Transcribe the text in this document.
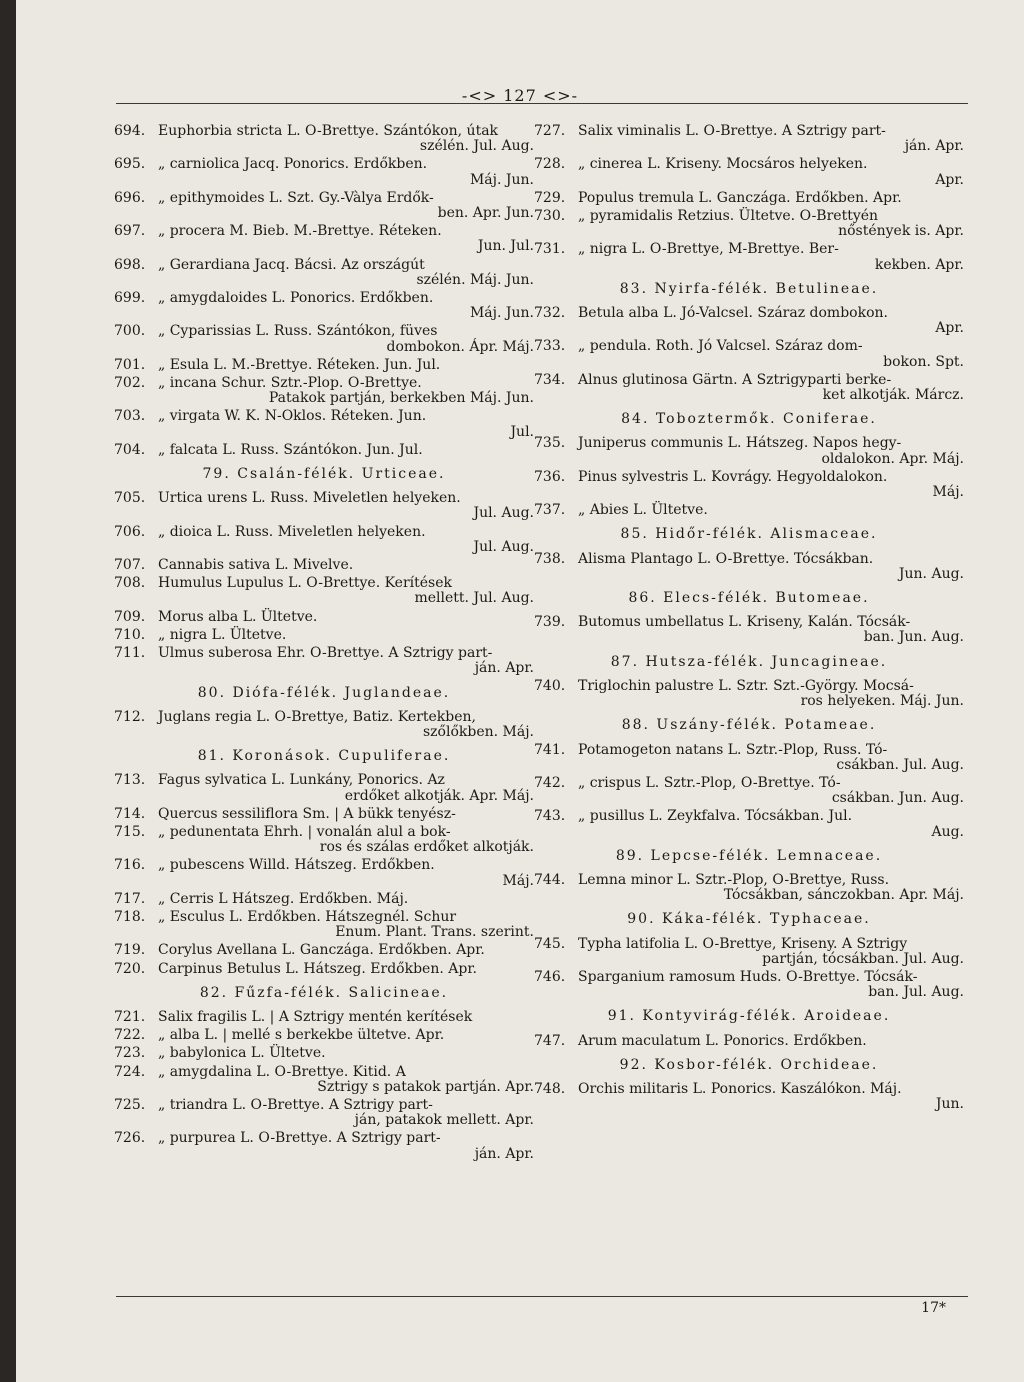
-<> 127 <>-
694. Euphorbia stricta L. O-Brettye. Szántókon, útak
szélén. Jul. Aug.
695. „ carniolica Jacq. Ponorics. Erdőkben.
Máj. Jun.
696. „ epithymoides L. Szt. Gy.-Vàlya Erdők-
ben. Apr. Jun.
697. „ procera M. Bieb. M.-Brettye. Réteken.
Jun. Jul.
698. „ Gerardiana Jacq. Bácsi. Az országút
szélén. Máj. Jun.
699. „ amygdaloides L. Ponorics. Erdőkben.
Máj. Jun.
700. „ Cyparissias L. Russ. Szántókon, füves
dombokon. Ápr. Máj.
701. „ Esula L. M.-Brettye. Réteken. Jun. Jul.
702. „ incana Schur. Sztr.-Plop. O-Brettye.
Patakok partján, berkekben Máj. Jun.
703. „ virgata W. K. N-Oklos. Réteken. Jun.
Jul.
704. „ falcata L. Russ. Szántókon. Jun. Jul.
79. Csalán-félék. Urticeae.
705. Urtica urens L. Russ. Miveletlen helyeken.
Jul. Aug.
706. „ dioica L. Russ. Miveletlen helyeken.
Jul. Aug.
707. Cannabis sativa L. Mivelve.
708. Humulus Lupulus L. O-Brettye. Kerítések
mellett. Jul. Aug.
709. Morus alba L. Ültetve.
710. „ nigra L. Ültetve.
711. Ulmus suberosa Ehr. O-Brettye. A Sztrigy part-
ján. Apr.
80. Diófa-félék. Juglandeae.
712. Juglans regia L. O-Brettye, Batiz. Kertekben,
szőlőkben. Máj.
81. Koronások. Cupuliferae.
713. Fagus sylvatica L. Lunkány, Ponorics. Az
erdőket alkotják. Apr. Máj.
714. Quercus sessiliflora Sm. | A bükk tenyész-
715. „ pedunentata Ehrh. | vonalán alul a bok-
ros és szálas erdőket alkotják.
716. „ pubescens Willd. Hátszeg. Erdőkben.
Máj.
717. „ Cerris L Hátszeg. Erdőkben. Máj.
718. „ Esculus L. Erdőkben. Hátszegnél. Schur
Enum. Plant. Trans. szerint.
719. Corylus Avellana L. Ganczága. Erdőkben. Apr.
720. Carpinus Betulus L. Hátszeg. Erdőkben. Apr.
82. Fűzfa-félék. Salicineae.
721. Salix fragilis L. | A Sztrigy mentén kerítések
722. „ alba L. | mellé s berkekbe ültetve. Apr.
723. „ babylonica L. Ültetve.
724. „ amygdalina L. O-Brettye. Kitid. A
Sztrigy s patakok partján. Apr.
725. „ triandra L. O-Brettye. A Sztrigy part-
ján, patakok mellett. Apr.
726. „ purpurea L. O-Brettye. A Sztrigy part-
ján. Apr.
727. Salix viminalis L. O-Brettye. A Sztrigy part-
ján. Apr.
728. „ cinerea L. Kriseny. Mocsáros helyeken.
Apr.
729. Populus tremula L. Ganczága. Erdőkben. Apr.
730. „ pyramidalis Retzius. Ültetve. O-Brettyén
nőstények is. Apr.
731. „ nigra L. O-Brettye, M-Brettye. Ber-
kekben. Apr.
83. Nyirfa-félék. Betulineae.
732. Betula alba L. Jó-Valcsel. Száraz dombokon.
Apr.
733. „ pendula. Roth. Jó Valcsel. Száraz dom-
bokon. Spt.
734. Alnus glutinosa Gärtn. A Sztrigyparti berke-
ket alkotják. Márcz.
84. Toboztermők. Coniferae.
735. Juniperus communis L. Hátszeg. Napos hegy-
oldalokon. Apr. Máj.
736. Pinus sylvestris L. Kovrágy. Hegyoldalokon.
Máj.
737. „ Abies L. Ültetve.
85. Hidőr-félék. Alismaceae.
738. Alisma Plantago L. O-Brettye. Tócsákban.
Jun. Aug.
86. Elecs-félék. Butomeae.
739. Butomus umbellatus L. Kriseny, Kalán. Tócsák-
ban. Jun. Aug.
87. Hutsza-félék. Juncagineae.
740. Triglochin palustre L. Sztr. Szt.-György. Mocsá-
ros helyeken. Máj. Jun.
88. Uszány-félék. Potameae.
741. Potamogeton natans L. Sztr.-Plop, Russ. Tó-
csákban. Jul. Aug.
742. „ crispus L. Sztr.-Plop, O-Brettye. Tó-
csákban. Jun. Aug.
743. „ pusillus L. Zeykfalva. Tócsákban. Jul.
Aug.
89. Lepcse-félék. Lemnaceae.
744. Lemna minor L. Sztr.-Plop, O-Brettye, Russ.
Tócsákban, sánczokban. Apr. Máj.
90. Káka-félék. Typhaceae.
745. Typha latifolia L. O-Brettye, Kriseny. A Sztrigy
partján, tócsákban. Jul. Aug.
746. Sparganium ramosum Huds. O-Brettye. Tócsák-
ban. Jul. Aug.
91. Kontyvirág-félék. Aroideae.
747. Arum maculatum L. Ponorics. Erdőkben.
92. Kosbor-félék. Orchideae.
748. Orchis militaris L. Ponorics. Kaszálókon. Máj.
Jun.
17*
